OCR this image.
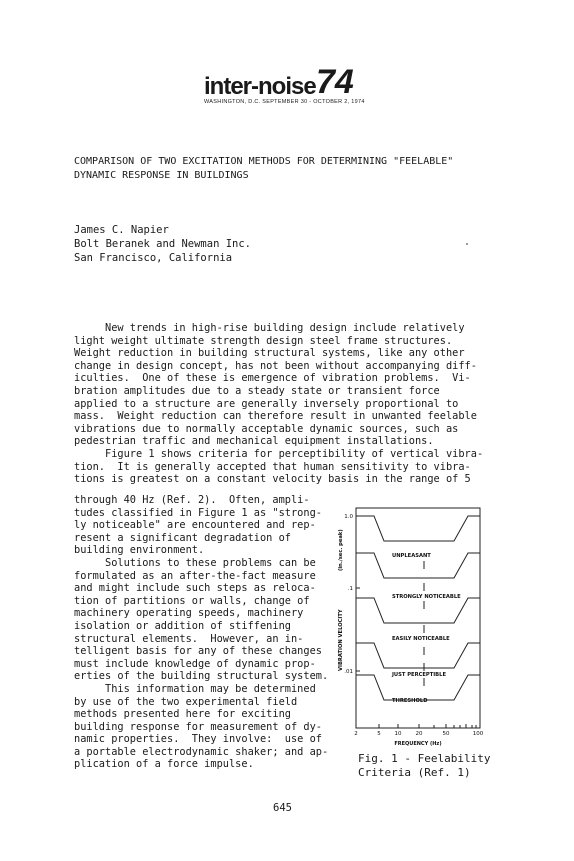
inter-noise 74
WASHINGTON, D.C. SEPTEMBER 30 - OCTOBER 2, 1974
COMPARISON OF TWO EXCITATION METHODS FOR DETERMINING "FEELABLE"
DYNAMIC RESPONSE IN BUILDINGS
James C. Napier
Bolt Beranek and Newman Inc.
San Francisco, California
New trends in high-rise building design include relatively
light weight ultimate strength design steel frame structures.
Weight reduction in building structural systems, like any other
change in design concept, has not been without accompanying diff-
iculties.  One of these is emergence of vibration problems.  Vi-
bration amplitudes due to a steady state or transient force
applied to a structure are generally inversely proportional to
mass.  Weight reduction can therefore result in unwanted feelable
vibrations due to normally acceptable dynamic sources, such as
pedestrian traffic and mechanical equipment installations.
Figure 1 shows criteria for perceptibility of vertical vibra-
tion.  It is generally accepted that human sensitivity to vibra-
tions is greatest on a constant velocity basis in the range of 5
through 40 Hz (Ref. 2).  Often, ampli-
tudes classified in Figure 1 as "strong-
ly noticeable" are encountered and rep-
resent a significant degradation of
building environment.
Solutions to these problems can be
formulated as an after-the-fact measure
and might include such steps as reloca-
tion of partitions or walls, change of
machinery operating speeds, machinery
isolation or addition of stiffening
structural elements.  However, an in-
telligent basis for any of these changes
must include knowledge of dynamic prop-
erties of the building structural system.
This information may be determined
by use of the two experimental field
methods presented here for exciting
building response for measurement of dy-
namic properties.  They involve:  use of
a portable electrodynamic shaker; and ap-
plication of a force impulse.
UNPLEASANT
STRONGLY NOTICEABLE
EASILY NOTICEABLE
JUST PERCEPTIBLE
THRESHOLD
1.0
.1
.01
2	5	10	20	50	100
FREQUENCY (Hz)
VIBRATION VELOCITY
(in./sec. peak)
Fig. 1 - Feelability
Criteria (Ref. 1)
645
